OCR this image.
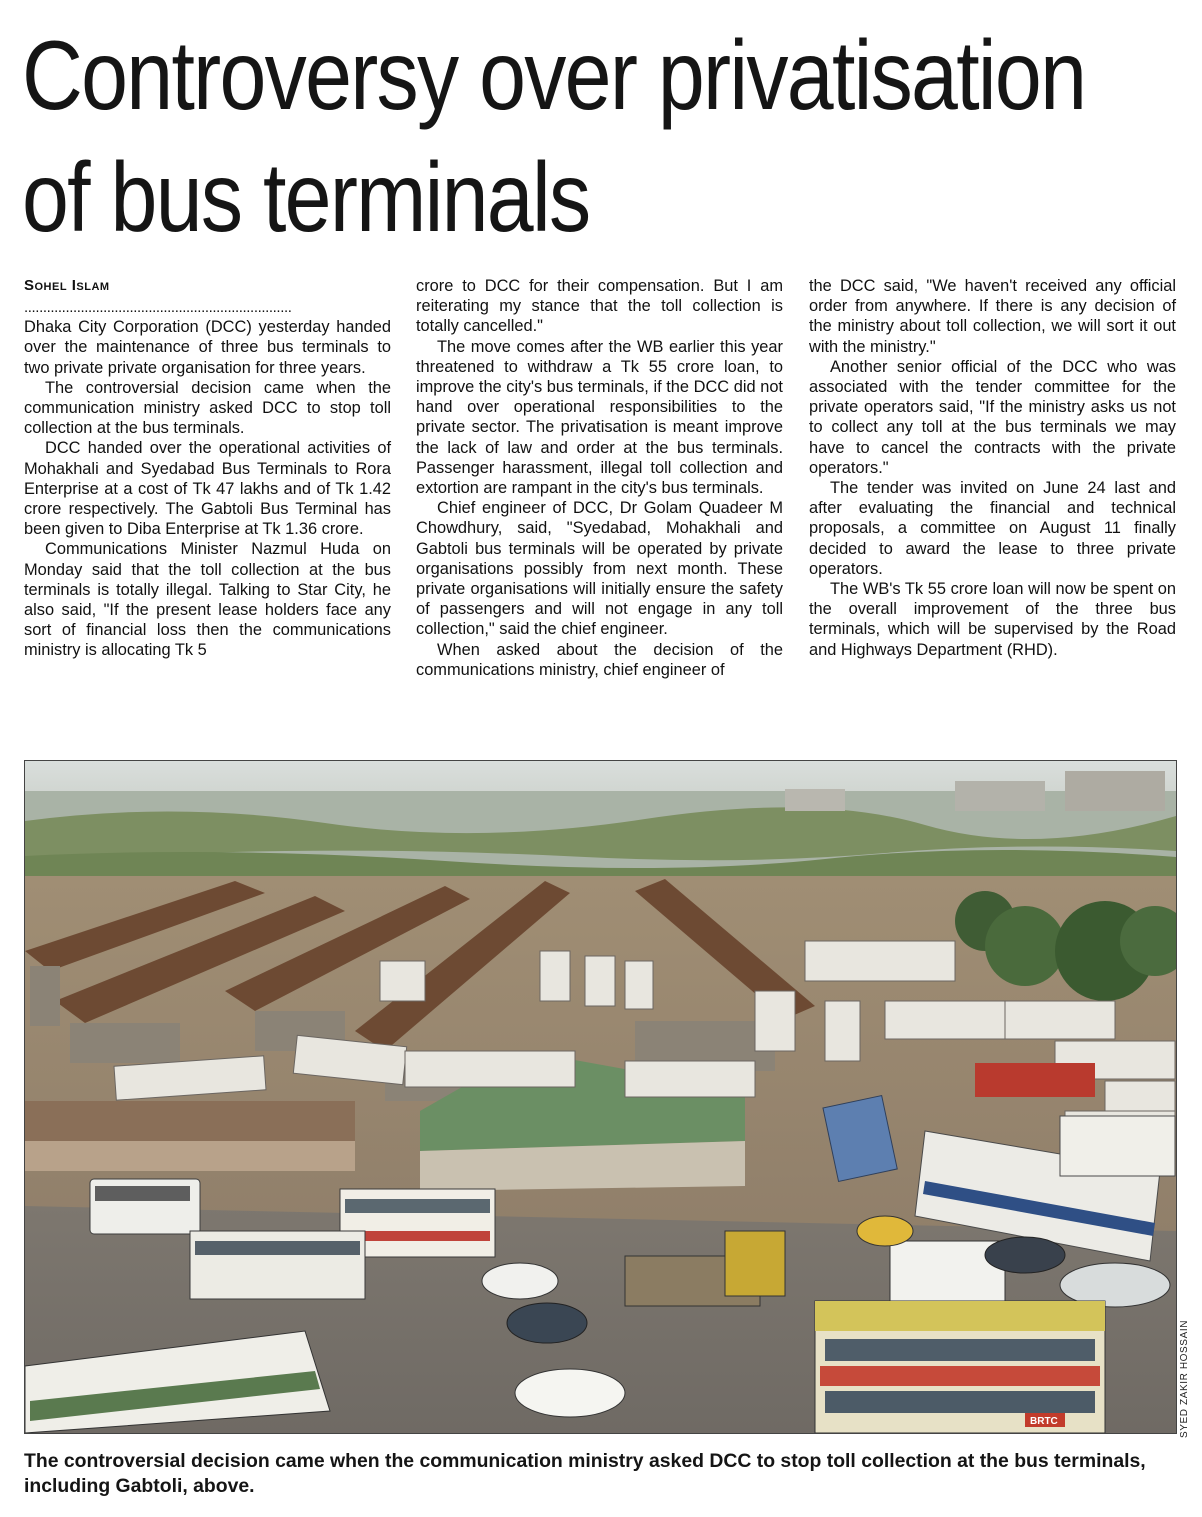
Controversy over privatisation
of bus terminals
Sohel Islam
.......................................................................

Dhaka City Corporation (DCC) yesterday handed over the maintenance of three bus terminals to two private private organisation for three years.

The controversial decision came when the communication ministry asked DCC to stop toll collection at the bus terminals.

DCC handed over the operational activities of Mohakhali and Syedabad Bus Terminals to Rora Enterprise at a cost of Tk 47 lakhs and of Tk 1.42 crore respectively. The Gabtoli Bus Terminal has been given to Diba Enterprise at Tk 1.36 crore.

Communications Minister Nazmul Huda on Monday said that the toll collection at the bus terminals is totally illegal. Talking to Star City, he also said, "If the present lease holders face any sort of financial loss then the communications ministry is allocating Tk 5

crore to DCC for their compensation. But I am reiterating my stance that the toll collection is totally cancelled."

The move comes after the WB earlier this year threatened to withdraw a Tk 55 crore loan, to improve the city's bus terminals, if the DCC did not hand over operational responsibilities to the private sector. The privatisation is meant improve the lack of law and order at the bus terminals. Passenger harassment, illegal toll collection and extortion are rampant in the city's bus terminals.

Chief engineer of DCC, Dr Golam Quadeer M Chowdhury, said, "Syedabad, Mohakhali and Gabtoli bus terminals will be operated by private organisations possibly from next month. These private organisations will initially ensure the safety of passengers and will not engage in any toll collection," said the chief engineer.

When asked about the decision of the communications ministry, chief engineer of

the DCC said, "We haven't received any official order from anywhere. If there is any decision of the ministry about toll collection, we will sort it out with the ministry."

Another senior official of the DCC who was associated with the tender committee for the private operators said, "If the ministry asks us not to collect any toll at the bus terminals we may have to cancel the contracts with the private operators."

The tender was invited on June 24 last and after evaluating the financial and technical proposals, a committee on August 11 finally decided to award the lease to three private operators.

The WB's Tk 55 crore loan will now be spent on the overall improvement of the three bus terminals, which will be supervised by the Road and Highways Department (RHD).

BRTC	SYED ZAKIR HOSSAIN

The controversial decision came when the communication ministry asked DCC to stop toll collection at the bus terminals, including Gabtoli, above.
